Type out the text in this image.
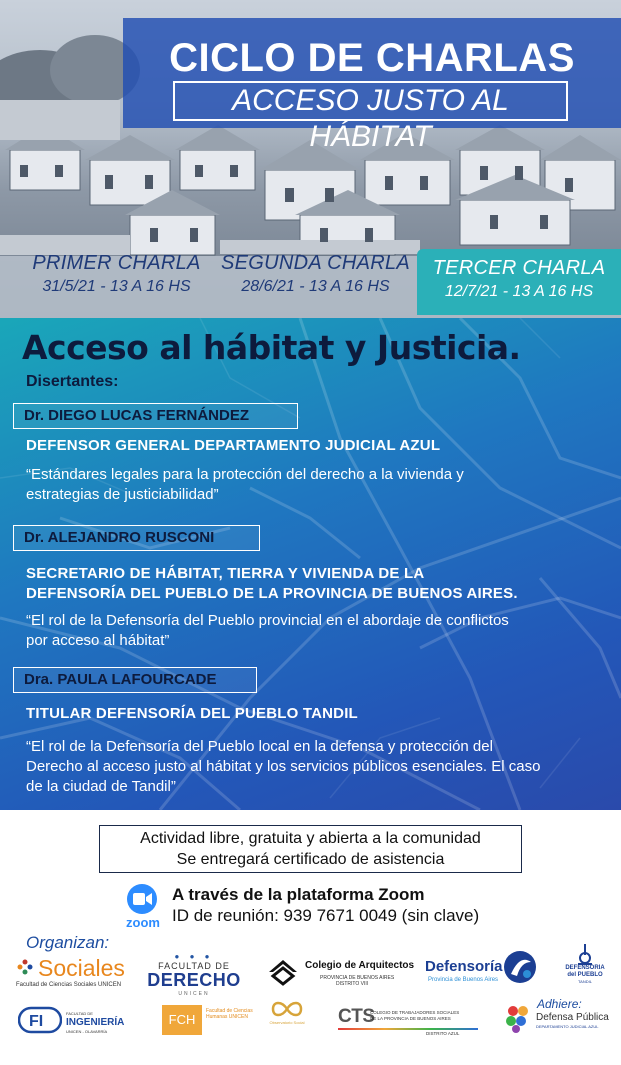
CICLO DE CHARLAS
ACCESO JUSTO AL HÁBITAT
PRIMER CHARLA
31/5/21 - 13 A 16 HS
SEGUNDA CHARLA
28/6/21 - 13 A 16 HS
TERCER CHARLA
12/7/21 - 13 A 16 HS
Acceso al hábitat y Justicia.
Disertantes:
Dr. DIEGO LUCAS FERNÁNDEZ
DEFENSOR GENERAL DEPARTAMENTO JUDICIAL AZUL
“Estándares legales para la protección del derecho a la vivienda y
estrategias de justiciabilidad”
Dr. ALEJANDRO RUSCONI
SECRETARIO DE HÁBITAT, TIERRA Y VIVIENDA DE LA
DEFENSORÍA DEL PUEBLO DE LA PROVINCIA DE BUENOS AIRES.
“El rol de la Defensoría del Pueblo provincial en el abordaje de conflictos
por acceso al hábitat”
Dra. PAULA LAFOURCADE
TITULAR DEFENSORÍA DEL PUEBLO TANDIL
“El rol de la Defensoría del Pueblo local en la defensa y protección del
Derecho al acceso justo al hábitat y los servicios públicos esenciales. El caso
de la ciudad de Tandil”
Actividad libre, gratuita y abierta a la comunidad
Se entregará certificado de asistencia
zoom
A través de la plataforma Zoom
ID de reunión: 939 7671 0049 (sin clave)
Organizan:
Sociales
Facultad de Ciencias Sociales UNICEN
● ● ●
FACULTAD DE
DERECHO
UNICEN
Colegio de Arquitectos
PROVINCIA DE BUENOS AIRES
DISTRITO VIII
Defensoría
Provincia de Buenos Aires
DEFENSORIA
del PUEBLO
TANDIL
FI	FACULTAD DE
INGENIERÍA
UNICEN - OLAVARRÍA
FCH
Facultad de Ciencias Humanas UNICEN
Observatorio Social CTS
COLEGIO DE TRABAJADORES SOCIALES
DE LA PROVINCIA DE BUENOS AIRES
DISTRITO AZUL
Adhiere:
Defensa Pública
DEPARTAMENTO JUDICIAL AZUL
